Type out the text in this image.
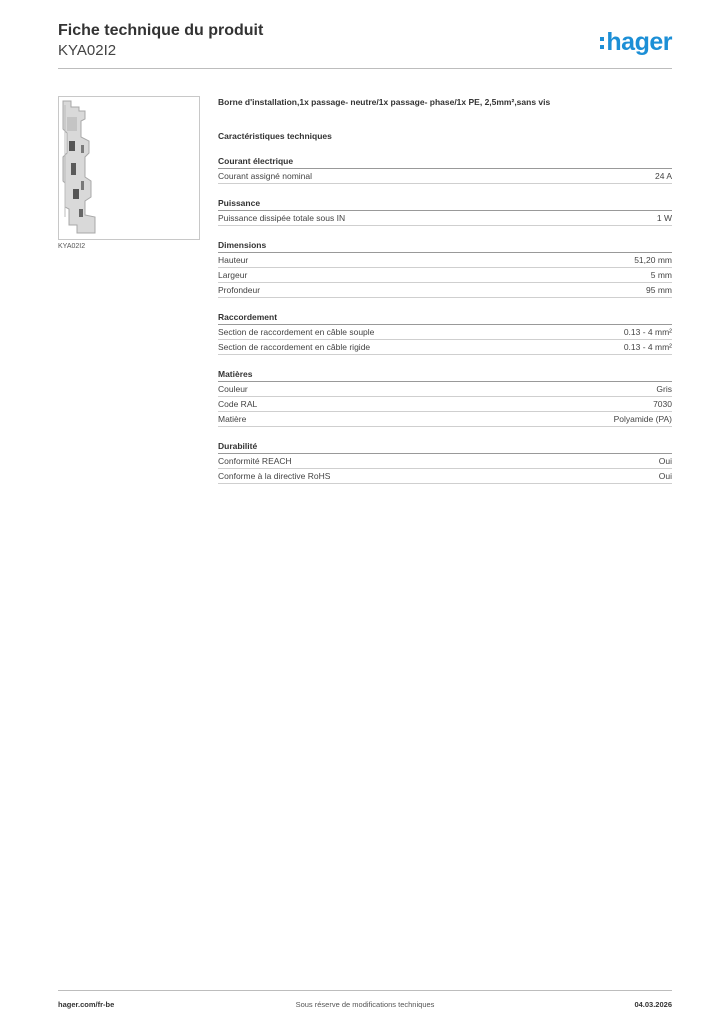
Fiche technique du produit
KYA02I2	hager
KYA02I2
Borne d'installation,1x passage- neutre/1x passage- phase/1x PE, 2,5mm²,sans vis
Caractéristiques techniques
Courant électrique
Courant assigné nominal	24 A
Puissance
Puissance dissipée totale sous IN	1 W
Dimensions
Hauteur	51,20 mm
Largeur	5 mm
Profondeur	95 mm
Raccordement
Section de raccordement en câble souple	0.13 - 4 mm²
Section de raccordement en câble rigide	0.13 - 4 mm²
Matières
Couleur	Gris
Code RAL	7030
Matière	Polyamide (PA)
Durabilité
Conformité REACH	Oui
Conforme à la directive RoHS	Oui
Sous réserve de modifications techniques
hager.com/fr-be	04.03.2026
